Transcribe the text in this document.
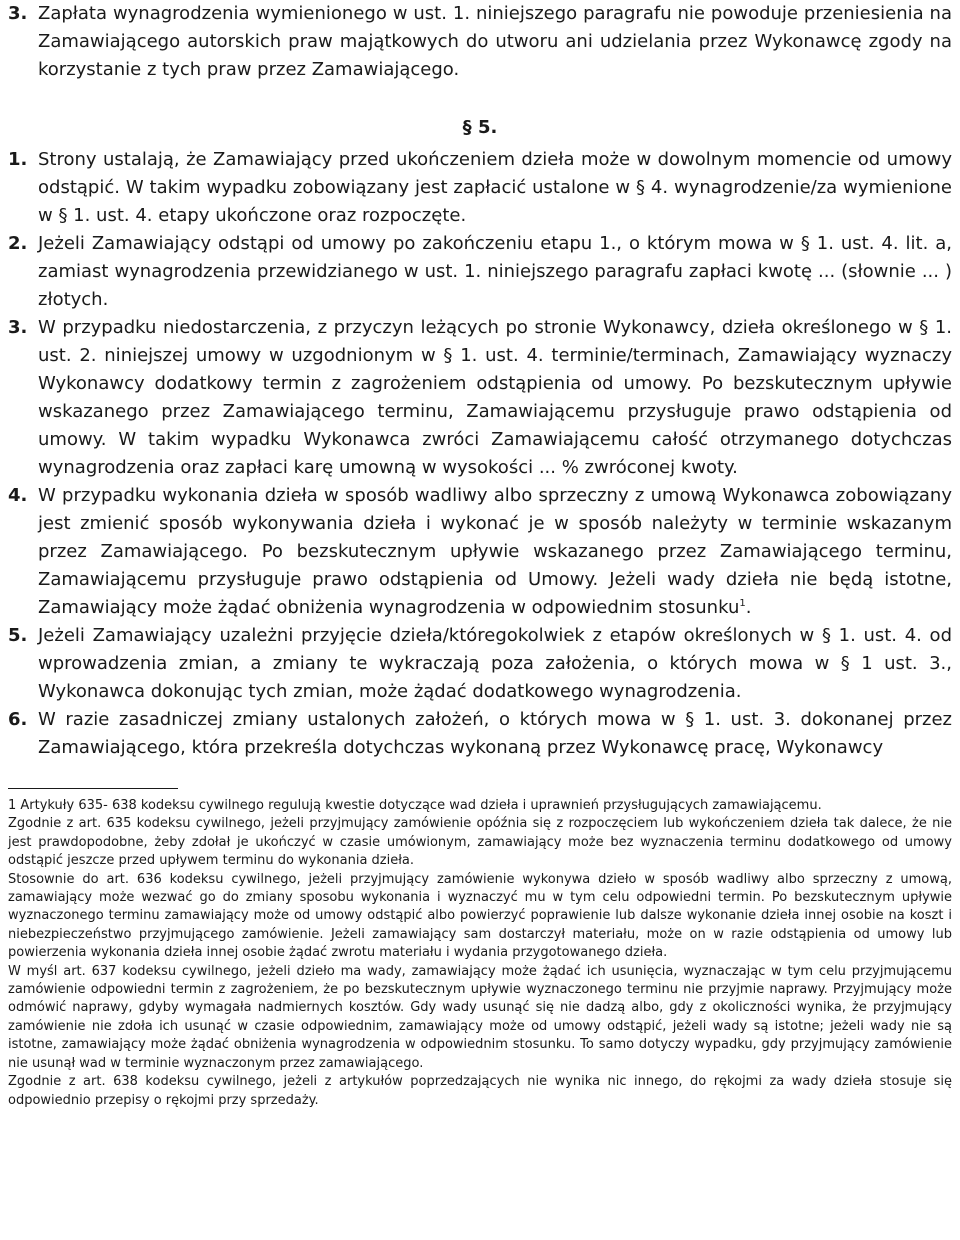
3. Zapłata wynagrodzenia wymienionego w ust. 1. niniejszego paragrafu nie powoduje przeniesienia na Zamawiającego autorskich praw majątkowych do utworu ani udzielania przez Wykonawcę zgody na korzystanie z tych praw przez Zamawiającego.
§ 5.
1. Strony ustalają, że Zamawiający przed ukończeniem dzieła może w dowolnym momencie od umowy odstąpić. W takim wypadku zobowiązany jest zapłacić ustalone w § 4. wynagrodzenie/za wymienione w § 1. ust. 4. etapy ukończone oraz rozpoczęte.
2. Jeżeli Zamawiający odstąpi od umowy po zakończeniu etapu 1., o którym mowa w § 1. ust. 4. lit. a, zamiast wynagrodzenia przewidzianego w ust. 1. niniejszego paragrafu zapłaci kwotę ... (słownie ... ) złotych.
3. W przypadku niedostarczenia, z przyczyn leżących po stronie Wykonawcy, dzieła określonego w § 1. ust. 2. niniejszej umowy w uzgodnionym w § 1. ust. 4. terminie/terminach, Zamawiający wyznaczy Wykonawcy dodatkowy termin z zagrożeniem odstąpienia od umowy. Po bezskutecznym upływie wskazanego przez Zamawiającego terminu, Zamawiającemu przysługuje prawo odstąpienia od umowy. W takim wypadku Wykonawca zwróci Zamawiającemu całość otrzymanego dotychczas wynagrodzenia oraz zapłaci karę umowną w wysokości ... % zwróconej kwoty.
4. W przypadku wykonania dzieła w sposób wadliwy albo sprzeczny z umową Wykonawca zobowiązany jest zmienić sposób wykonywania dzieła i wykonać je w sposób należyty w terminie wskazanym przez Zamawiającego. Po bezskutecznym upływie wskazanego przez Zamawiającego terminu, Zamawiającemu przysługuje prawo odstąpienia od Umowy. Jeżeli wady dzieła nie będą istotne, Zamawiający może żądać obniżenia wynagrodzenia w odpowiednim stosunku$^1$.
5. Jeżeli Zamawiający uzależni przyjęcie dzieła/któregokolwiek z etapów określonych w § 1. ust. 4. od wprowadzenia zmian, a zmiany te wykraczają poza założenia, o których mowa w § 1 ust. 3., Wykonawca dokonując tych zmian, może żądać dodatkowego wynagrodzenia.
6. W razie zasadniczej zmiany ustalonych założeń, o których mowa w § 1. ust. 3. dokonanej przez Zamawiającego, która przekreśla dotychczas wykonaną przez Wykonawcę pracę, Wykonawcy

1 Artykuły 635- 638 kodeksu cywilnego regulują kwestie dotyczące wad dzieła i uprawnień przysługujących zamawiającemu.

Zgodnie z art. 635 kodeksu cywilnego, jeżeli przyjmujący zamówienie opóźnia się z rozpoczęciem lub wykończeniem dzieła tak dalece, że nie jest prawdopodobne, żeby zdołał je ukończyć w czasie umówionym, zamawiający może bez wyznaczenia terminu dodatkowego od umowy odstąpić jeszcze przed upływem terminu do wykonania dzieła.

Stosownie do art. 636 kodeksu cywilnego, jeżeli przyjmujący zamówienie wykonywa dzieło w sposób wadliwy albo sprzeczny z umową, zamawiający może wezwać go do zmiany sposobu wykonania i wyznaczyć mu w tym celu odpowiedni termin. Po bezskutecznym upływie wyznaczonego terminu zamawiający może od umowy odstąpić albo powierzyć poprawienie lub dalsze wykonanie dzieła innej osobie na koszt i niebezpieczeństwo przyjmującego zamówienie. Jeżeli zamawiający sam dostarczył materiału, może on w razie odstąpienia od umowy lub powierzenia wykonania dzieła innej osobie żądać zwrotu materiału i wydania przygotowanego dzieła.

W myśl art. 637 kodeksu cywilnego, jeżeli dzieło ma wady, zamawiający może żądać ich usunięcia, wyznaczając w tym celu przyjmującemu zamówienie odpowiedni termin z zagrożeniem, że po bezskutecznym upływie wyznaczonego terminu nie przyjmie naprawy. Przyjmujący może odmówić naprawy, gdyby wymagała nadmiernych kosztów. Gdy wady usunąć się nie dadzą albo, gdy z okoliczności wynika, że przyjmujący zamówienie nie zdoła ich usunąć w czasie odpowiednim, zamawiający może od umowy odstąpić, jeżeli wady są istotne; jeżeli wady nie są istotne, zamawiający może żądać obniżenia wynagrodzenia w odpowiednim stosunku. To samo dotyczy wypadku, gdy przyjmujący zamówienie nie usunął wad w terminie wyznaczonym przez zamawiającego.

Zgodnie z art. 638 kodeksu cywilnego, jeżeli z artykułów poprzedzających nie wynika nic innego, do rękojmi za wady dzieła stosuje się odpowiednio przepisy o rękojmi przy sprzedaży.
